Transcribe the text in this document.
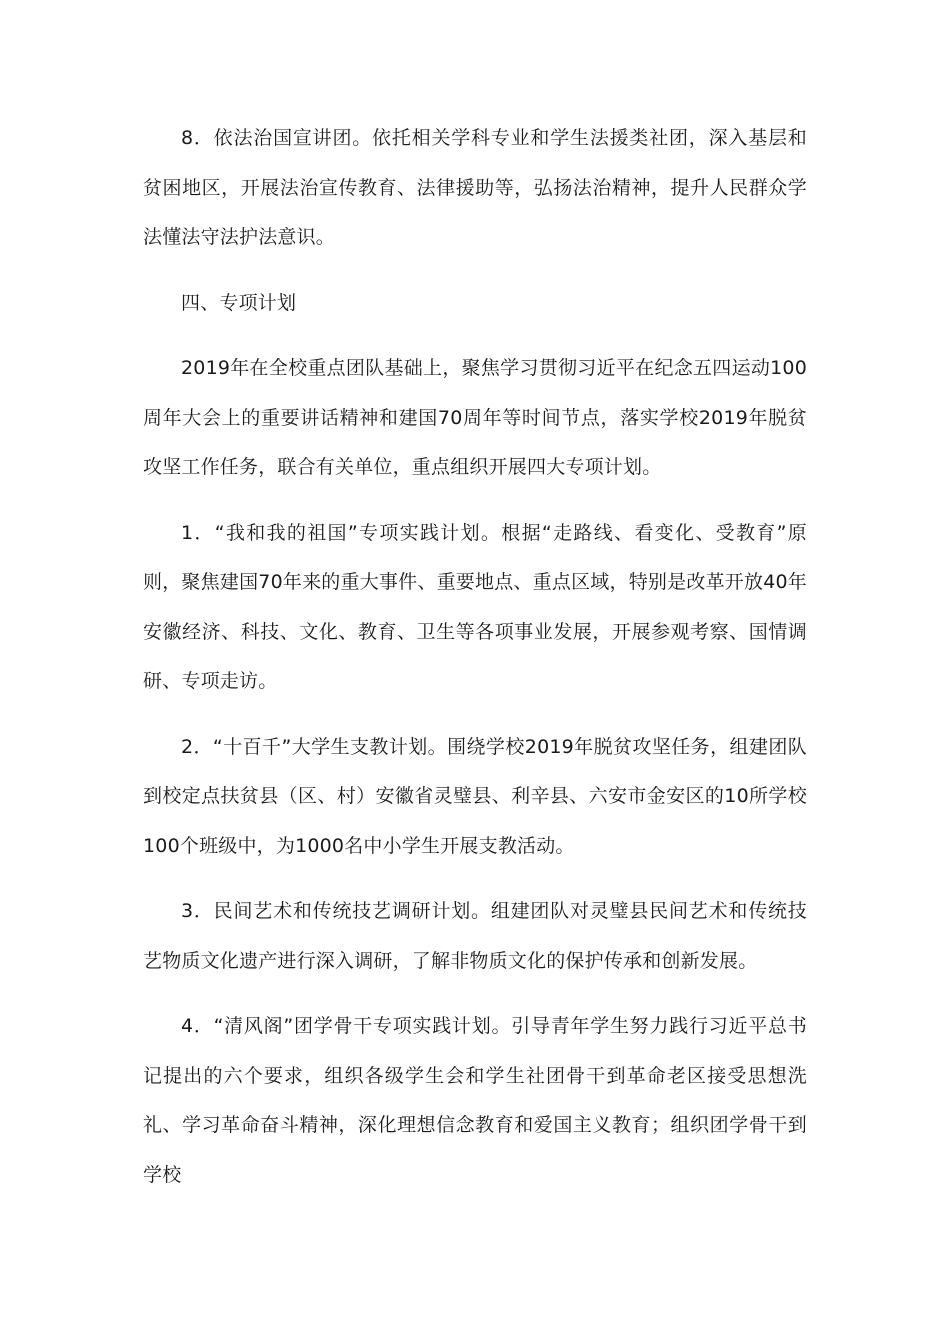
8．依法治国宣讲团。依托相关学科专业和学生法援类社团，深入基层和贫困地区，开展法治宣传教育、法律援助等，弘扬法治精神，提升人民群众学法懂法守法护法意识。

四、专项计划

2019年在全校重点团队基础上，聚焦学习贯彻习近平在纪念五四运动100周年大会上的重要讲话精神和建国70周年等时间节点，落实学校2019年脱贫攻坚工作任务，联合有关单位，重点组织开展四大专项计划。

1．“我和我的祖国”专项实践计划。根据“走路线、看变化、受教育”原则，聚焦建国70年来的重大事件、重要地点、重点区域，特别是改革开放40年安徽经济、科技、文化、教育、卫生等各项事业发展，开展参观考察、国情调研、专项走访。

2．“十百千”大学生支教计划。围绕学校2019年脱贫攻坚任务，组建团队到校定点扶贫县（区、村）安徽省灵璧县、利辛县、六安市金安区的10所学校100个班级中，为1000名中小学生开展支教活动。

3．民间艺术和传统技艺调研计划。组建团队对灵璧县民间艺术和传统技艺物质文化遗产进行深入调研，了解非物质文化的保护传承和创新发展。

4．“清风阁”团学骨干专项实践计划。引导青年学生努力践行习近平总书记提出的六个要求，组织各级学生会和学生社团骨干到革命老区接受思想洗礼、学习革命奋斗精神，深化理想信念教育和爱国主义教育；组织团学骨干到学校
